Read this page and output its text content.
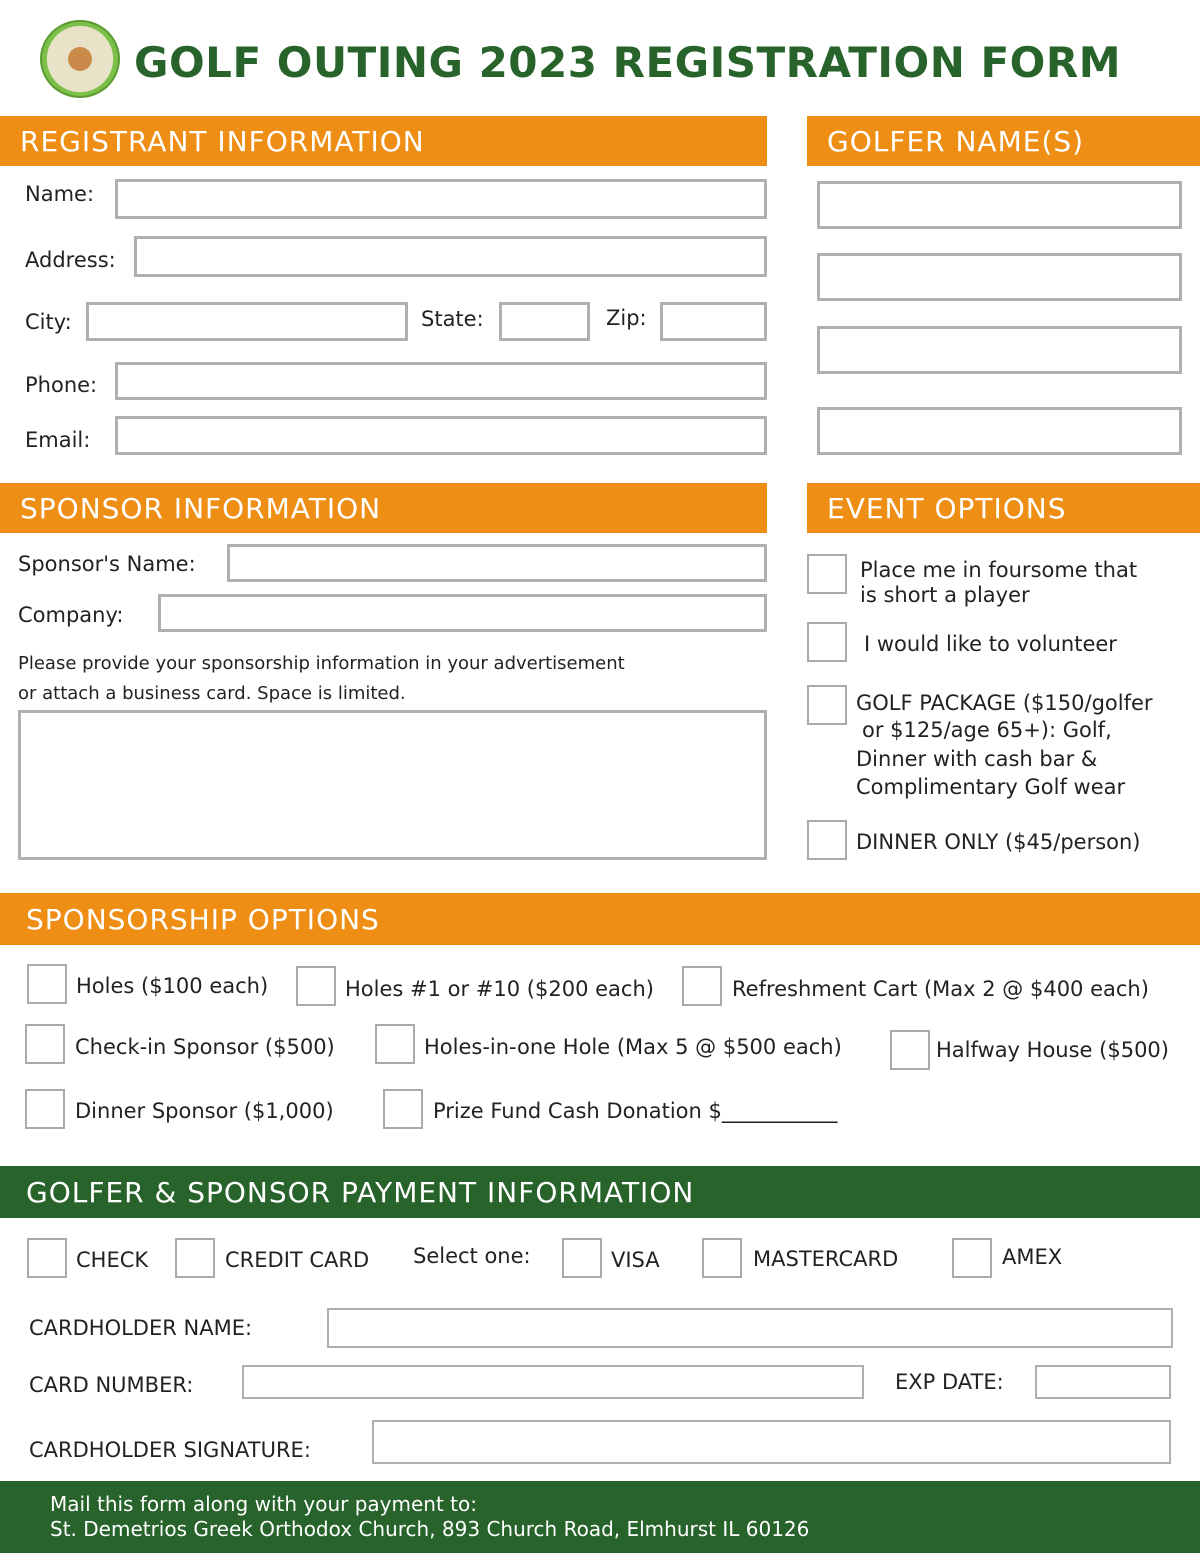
GOLF OUTING 2023 REGISTRATION FORM
REGISTRANT INFORMATION
Name:
Address:
City:	State:	Zip:
Phone:
Email:
GOLFER NAME(S)
SPONSOR INFORMATION
Sponsor's Name:
Company:
Please provide your sponsorship information in your advertisement
or attach a business card. Space is limited.
EVENT OPTIONS
Place me in foursome that
is short a player
I would like to volunteer
GOLF PACKAGE ($150/golfer
or $125/age 65+): Golf,
Dinner with cash bar &
Complimentary Golf wear
DINNER ONLY ($45/person)
SPONSORSHIP OPTIONS
Holes ($100 each)	Holes #1 or #10 ($200 each)	Refreshment Cart (Max 2 @ $400 each)
Check-in Sponsor ($500)	Holes-in-one Hole (Max 5 @ $500 each)	Halfway House ($500)
Dinner Sponsor ($1,000)	Prize Fund Cash Donation $___________
GOLFER & SPONSOR PAYMENT INFORMATION
CHECK	CREDIT CARD Select one:	VISA	MASTERCARD	AMEX
CARDHOLDER NAME:
CARD NUMBER:	EXP DATE:
CARDHOLDER SIGNATURE:
Mail this form along with your payment to:
St. Demetrios Greek Orthodox Church, 893 Church Road, Elmhurst IL 60126
